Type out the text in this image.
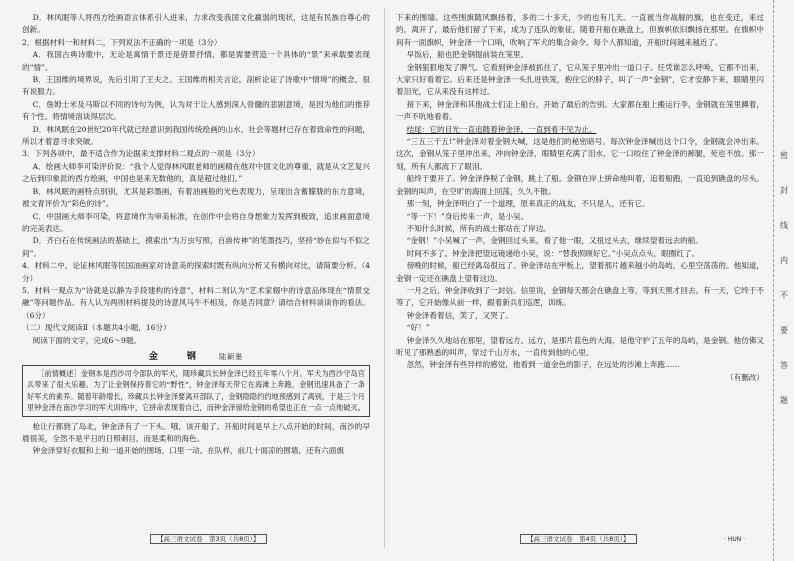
D．林风眠等人将西方绘画语言体系引入进来，力求改变我国文化羸弱的现状，这是有民族自尊心的创新。

2．根据材料一和材料二，下列说法不正确的一项是（3分）

A．我国古典诗歌中，无论是寓情于景还是借景抒情，都是需要营造一个具体的“景”来承载要表现的“情”。

B．王国维的境界说，先后引用了王夫之、王国维的相关言论，剖析论证了诗歌中“情境”的概念，很有说服力。

C．詹姆士米及马斯以不同的诗句为例，认为对于让人感到深入骨髓的悲剧意境，是因为他们的推荐有个性、将情境溶谈得层次。

D．林风眠在20世纪20年代就已经意识到我国传统绘画的山水、社会等题材已存在着致命性的问题，所以才着意寻求突破。

3．下列各项中，最不适合作为论据来支撑材料二观点的一项是（3分）

A．绘画大师李可染评价说：“我个人觉得林风眠老师的画精在他对中国文化的尊重，就是从文艺复兴之后到印象派的西方绘画，中国也是来无数他的，真是超过他们。”

B．林风眠的画特点别别，尤其是彩墨画，有着油画般的光色表现力，呈现出含蓄朦胧的东方意境，被文青评价为“彩色的诗”。

C．中国画大师李可染，将意境作为审美标准，在创作中会将自身想象力发挥到极致，追求画面意境的完美表达。

D．齐白石在传统画法的基础上，摸索出“为万虫写照，百兽传神”的笔墨技巧，坚持“妙在似与不似之间”。

4．材料二中，论证林风眠等民国油画家对诗意美的探索时既有纵向分析又有横向对比，请简要分析。（4分）

5．材料一观点为“诗就是以静为手段建构的诗意”，材料二则认为“艺术家辍中的诗意品体现在“情景交融”等问题作品。有人认为两则材料提及的诗意风马牛不相及，你是否同意？请结合材料谈谈你的看法。（6分）

（二）现代文阅读Ⅱ（本题共4小题，16分）

阅读下面的文字，完成6～9题。

金　钢 陆颖墨

［前情概述］金钢本是西沙司令部队的军犬，随珍藏兵长钟金泽已经五年零八个月。军犬为西沙守岛官兵带来了很大乐趣。为了让金钢保持着它的“野性”，钟金泽每天带它在海滩上奔跑，金钢迅速具备了一条好军犬的素养。随着年龄增长，珍藏兵长钟金泽要离开部队了，金钢隐隐约约地预感到了离别，于是三个月里钟金泽在南沙学习的军犬训练中，它拼命表现着自己，而钟金泽留给金钢的希望也正在一点一点地破灭。

枪让行都到了岛北，钟金泽有了一下头。哦，该开船了。开船时间是早上八点开始的时间，南沙的早晨很美，全然不是平日的日照刺目，而是柔和的海色。

钟金泽穿好衣服和上和一道开始的围场，口里一动。在队样，前几十面凉的围墙，还有六面旗

下来的围墙。这些围旗随风飘扬着，多的二十多天，少的也有几天。一直被当作战舰的旗，也在变迁，来过的，离开了，最后他们留了下来，成为了连队的象征，随着开船在礁盘上，但旗帜依旧飘扬在那里。在旗帜中间有一面旗帜，钟金泽一个口哨，吹响了军犬的集合命令。每个人都知道，开船时间越来越近了。

早饭后，船也把金钢提前装在笼里。

金钢狠狠地发了脾气。它看到钟金泽被抓住了，它从笼子里冲出一道口子。任凭谁怎么呼唤，它都不出来，大家只好看着它。后来还是钟金泽一头扎进铁笼，抱住它的脖子，叫了一声“金钢”，它才安静下来，眼睛里闪着泪光，它从来没有这样过。

接下来，钟金泽和其他战士们走上船台，开始了最后的告别。大家都在船上搬运行李，金钢就在笼里蹲着，一声不吭地看着。

结尾：它的目光一直追随着钟金泽，一直到看不见为止。

“三五三干五!”钟金泽对着金钢大喊，这是他们的秘密暗号。每次钟金泽喊出这个口令，金钢就会冲出来。这次，金钢从笼子里冲出来，冲向钟金泽，眼睛里充满了泪水，它一口咬住了钟金泽的裤腿，死也不放。那一刻，所有人都流下了眼泪。

船终于要开了。钟金泽挣脱了金钢，跳上了船。金钢在岸上拼命地叫着，追着船跑，一直追到礁盘的尽头。金钢的叫声，在空旷的海面上回荡，久久不散。

那一刻，钟金泽明白了一个道理，原来真正的战友，不只是人，还有它。

“等一下！”身后传来一声，是小吴。

不知什么时候，所有的战士都站在了岸边。

“金钢！”小吴喊了一声，金钢回过头来，看了他一眼，又扭过头去，继续望着远去的船。

时间不多了。钟金泽把望远镜递给小吴，说：“替我照顾好它。”小吴点点头，眼圈红了。

傍晚的时候，船已经离岛很远了。钟金泽站在甲板上，望着那片越来越小的岛屿，心里空荡荡的。他知道，金钢一定还在礁盘上望着这边。

一月之后，钟金泽收到了一封信。信里说，金钢每天都会在礁盘上等，等到天黑才回去。有一天，它终于不等了，它开始像从前一样，跟着新兵们巡逻，训练。

钟金泽看着信，笑了，又哭了。

“好！”

钟金泽久久地站在那里，望着远方。远方，是那片蓝色的大海，是他守护了五年的岛屿，是金钢。他仿佛又听见了那熟悉的叫声，穿过千山万水，一直传到他的心里。

忽然，钟金泽有些异样的感觉，他看到一道金色的影子，在远处的沙滩上奔跑……

（有删改）

【高三语文试卷　第3页（共8页）】	【高三语文试卷　第4页（共8页）】	· HUN ·
密
封
线
内
不
要
答
题
